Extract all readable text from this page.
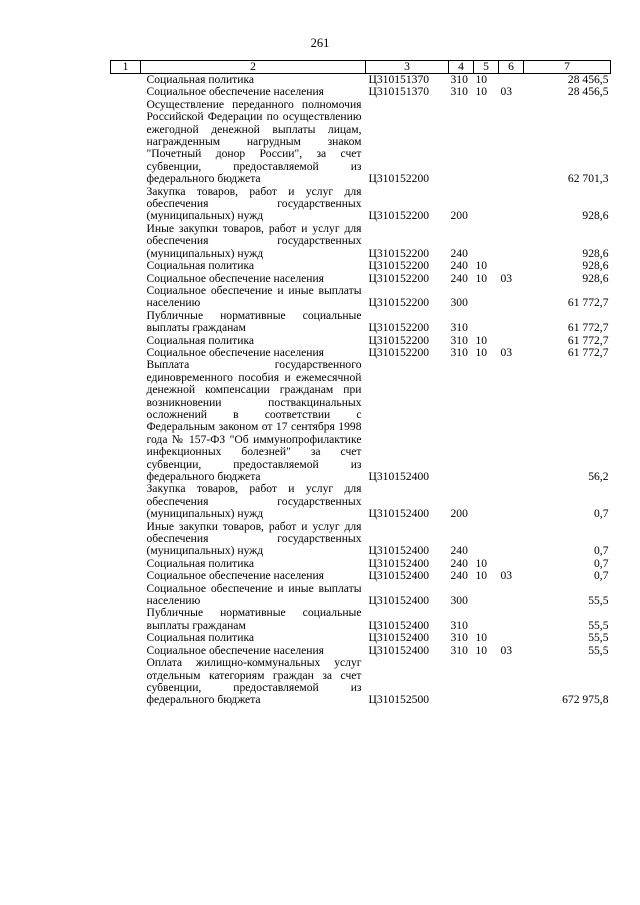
261
1	2	3	4	5	6	7
	Социальная политика	Ц310151370	310	10		28 456,5
	Социальное обеспечение населения	Ц310151370	310	10	03	28 456,5
	Осуществление переданного полномочия Российской Федерации по осуществлению ежегодной денежной выплаты лицам, награжденным нагрудным знаком "Почетный донор России", за счет субвенции, предоставляемой из федерального бюджета	Ц310152200				62 701,3
	Закупка товаров, работ и услуг для обеспечения государственных (муниципальных) нужд	Ц310152200	200			928,6
	Иные закупки товаров, работ и услуг для обеспечения государственных (муниципальных) нужд	Ц310152200	240			928,6
	Социальная политика	Ц310152200	240	10		928,6
	Социальное обеспечение населения	Ц310152200	240	10	03	928,6
	Социальное обеспечение и иные выплаты населению	Ц310152200	300			61 772,7
	Публичные нормативные социальные выплаты гражданам	Ц310152200	310			61 772,7
	Социальная политика	Ц310152200	310	10		61 772,7
	Социальное обеспечение населения	Ц310152200	310	10	03	61 772,7
	Выплата государственного единовременного пособия и ежемесячной денежной компенсации гражданам при возникновении поствакцинальных осложнений в соответствии с Федеральным законом от 17 сентября 1998 года № 157-ФЗ "Об иммунопрофилактике инфекционных болезней" за счет субвенции, предоставляемой из федерального бюджета	Ц310152400				56,2
	Закупка товаров, работ и услуг для обеспечения государственных (муниципальных) нужд	Ц310152400	200			0,7
	Иные закупки товаров, работ и услуг для обеспечения государственных (муниципальных) нужд	Ц310152400	240			0,7
	Социальная политика	Ц310152400	240	10		0,7
	Социальное обеспечение населения	Ц310152400	240	10	03	0,7
	Социальное обеспечение и иные выплаты населению	Ц310152400	300			55,5
	Публичные нормативные социальные выплаты гражданам	Ц310152400	310			55,5
	Социальная политика	Ц310152400	310	10		55,5
	Социальное обеспечение населения	Ц310152400	310	10	03	55,5
	Оплата жилищно-коммунальных услуг отдельным категориям граждан за счет субвенции, предоставляемой из федерального бюджета	Ц310152500				672 975,8
